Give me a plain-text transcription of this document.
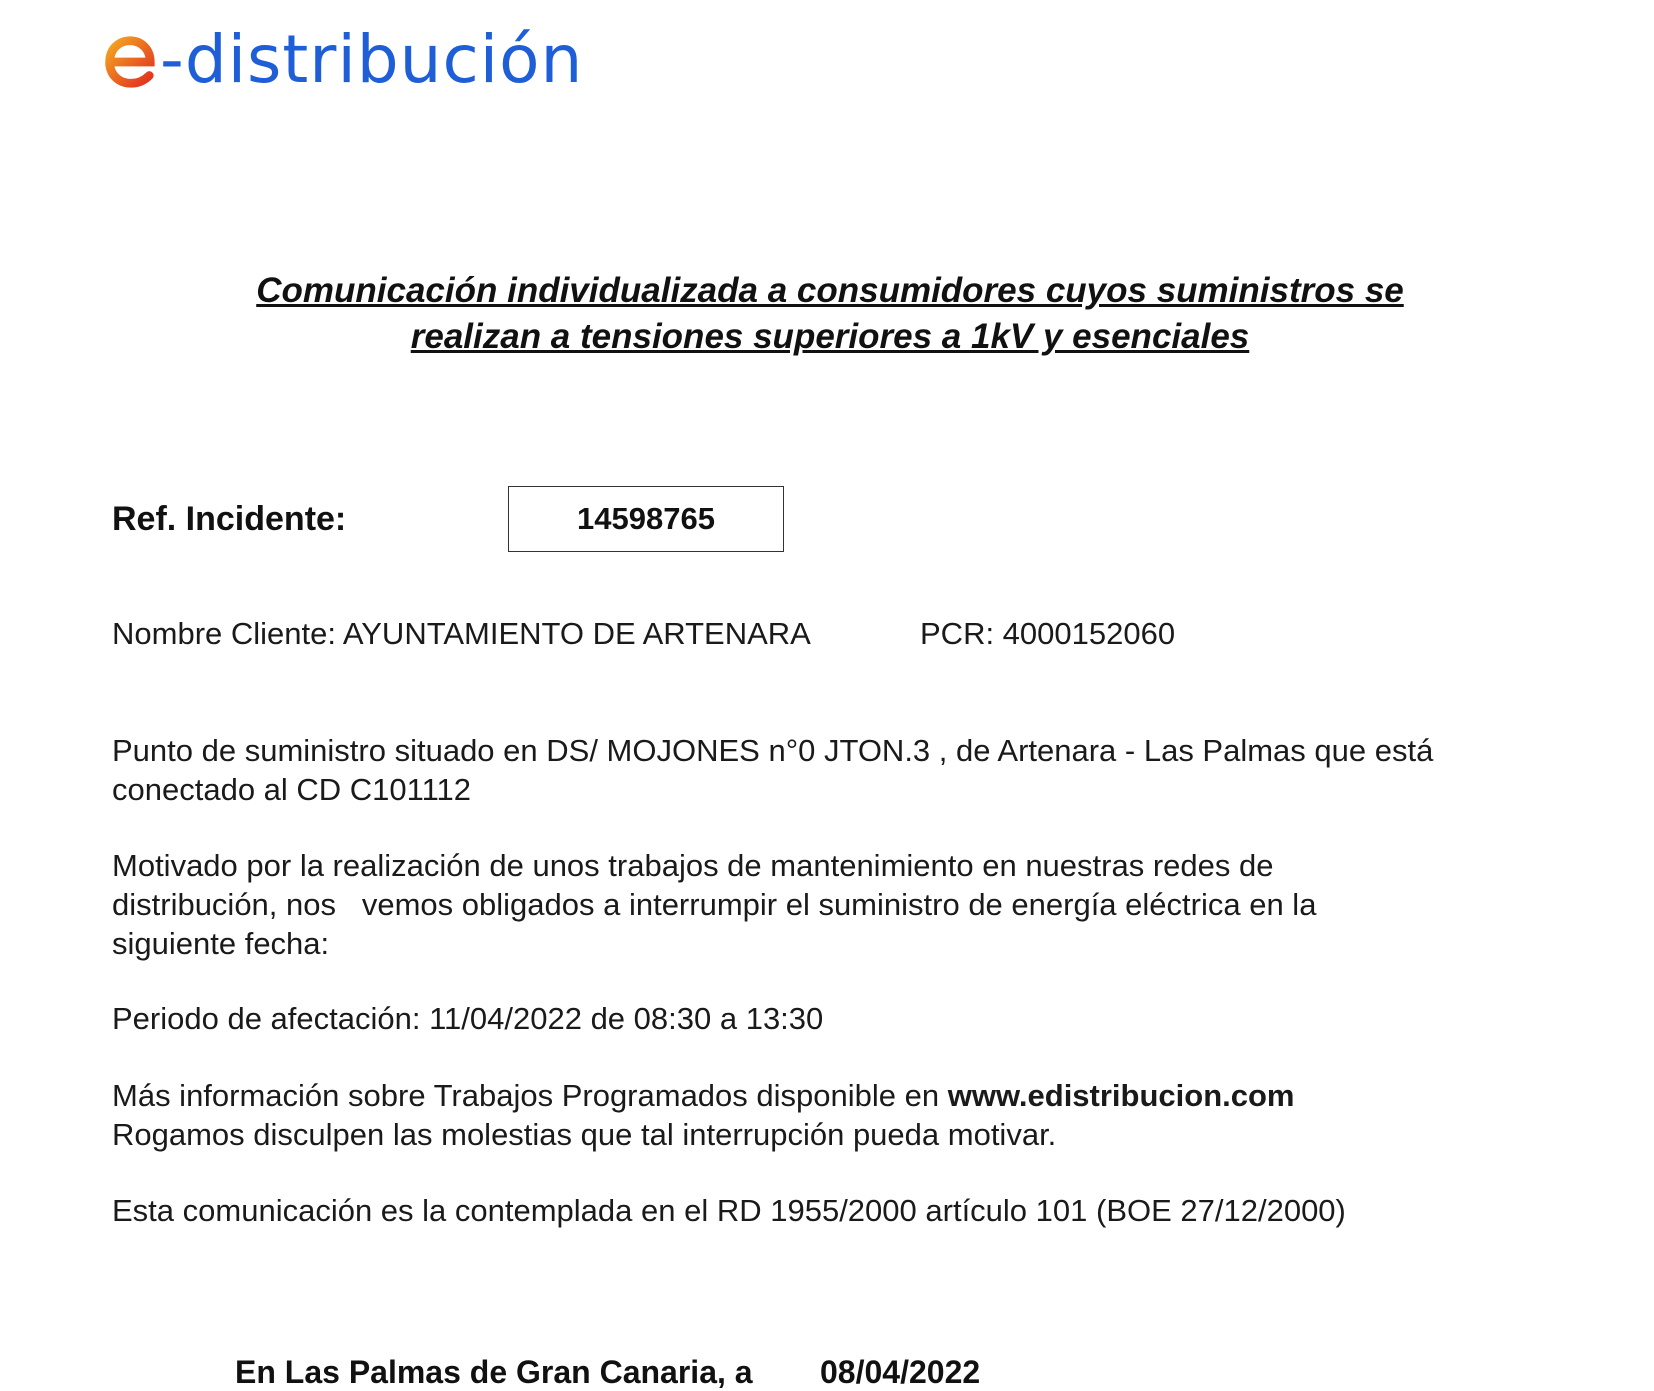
-distribución
Comunicación individualizada a consumidores cuyos suministros se
realizan a tensiones superiores a 1kV y esenciales
Ref. Incidente:	14598765
Nombre Cliente: AYUNTAMIENTO DE ARTENARA	PCR: 4000152060
Punto de suministro situado en DS/ MOJONES n°0 JTON.3 , de Artenara - Las Palmas que está
conectado al CD C101112
Motivado por la realización de unos trabajos de mantenimiento en nuestras redes de
distribución, nos   vemos obligados a interrumpir el suministro de energía eléctrica en la
siguiente fecha:
Periodo de afectación: 11/04/2022 de 08:30 a 13:30
Más información sobre Trabajos Programados disponible en www.edistribucion.com
Rogamos disculpen las molestias que tal interrupción pueda motivar.
Esta comunicación es la contemplada en el RD 1955/2000 artículo 101 (BOE 27/12/2000)
En Las Palmas de Gran Canaria, a 08/04/2022
